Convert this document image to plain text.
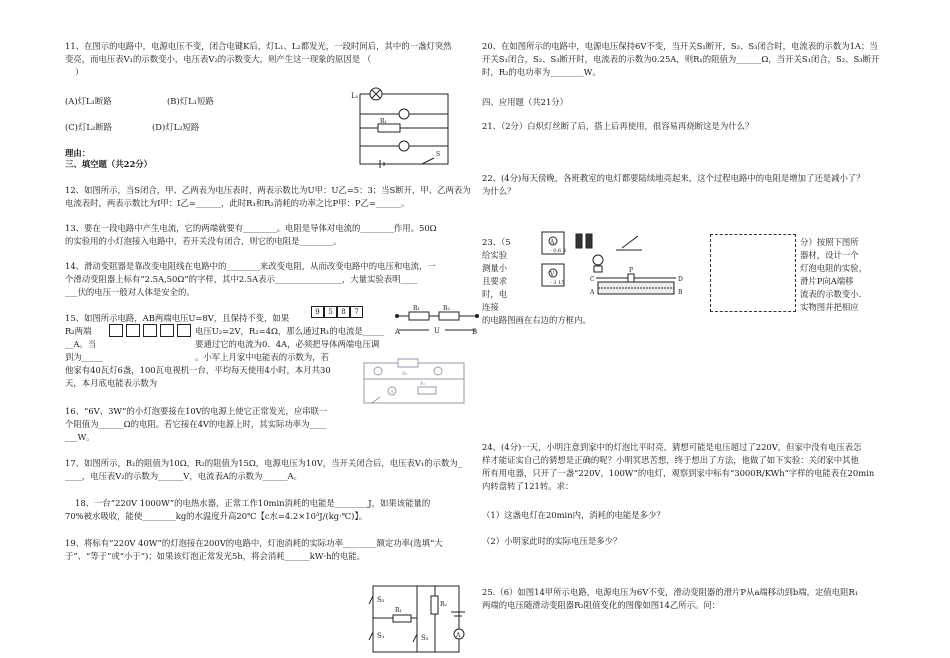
11、在图示的电路中，电源电压不变，闭合电键K后，灯L₁、L₂都发光，一段时间后，其中的一盏灯突然
变亮，而电压表V₁的示数变小，电压表V₂的示数变大，则产生这一现象的原因是 （
）
(A)灯L₁断路	(B)灯L₁短路
(C)灯L₂断路	(D)灯L₂短路
理由：
L₁
R₁
S
三、填空题（共22分）
12、如图所示，当S闭合，甲、乙两表为电压表时，两表示数比为U甲：U乙=5：3；当S断开，甲、乙两表为
电流表时，两表示数比为I甲：I乙=______，此时R₁和R₂消耗的功率之比P甲：P乙=______。
13、要在一段电路中产生电流，它的两端就要有________。电阻是导体对电流的________作用。50Ω
的实验用的小灯泡接入电路中，若开关没有闭合，则它的电阻是________。
14、滑动变阻器是靠改变电阻线在电路中的________来改变电阻，从而改变电路中的电压和电流，一
个滑动变阻器上标有“2.5A,50Ω”的字样，其中2.5A表示________________，大量实验表明____
___伏的电压一般对人体是安全的。
15、如图所示电路，AB两端电压U=8V，且保持不变，如果
R₂两端	电压U₂=2V，R₂=4Ω，那么通过R₁的电流是_____
__A。当	要通过它的电流为0．4A，必须把导体两端电压调
到为_____	。小军上月家中电能表的示数为，若
他家有40瓦灯6盏，100瓦电视机一台，平均每天使用4小时，本月共30
天，本月底电能表示数为
9	5	8	7	R₁	R₂
A	U	B
R₁
R₂
A
16、“6V、3W”的小灯泡要接在10V的电源上使它正常发光，应串联一
个阻值为______Ω的电阻。若它接在4V的电源上时，其实际功率为____
___W。
17、如图所示，R₁的阻值为10Ω，R₂的阻值为15Ω，电源电压为10V，当开关闭合后，电压表V₁的示数为_
____，电压表V₂的示数为______V，电流表A的示数为______A。
18、一台“220V 1000W”的电热水器，正常工作10min消耗的电能是________J，如果该能量的
70%被水吸收，能使________kg的水温度升高20℃【c水=4.2×10³J/(kg·℃)】。
19、将标有“220V 40W”的灯泡接在200V的电路中，灯泡消耗的实际功率________额定功率(选填“大
于”、“等于”或“小于”)；如果该灯泡正常发光5h，将会消耗______kW·h的电能。
S₂
R₁
R₂
S₁	S₃	A
20、在如图所示的电路中，电源电压保持6V不变，当开关S₁断开，S₂、S₃闭合时，电流表的示数为1A；当
开关S₁闭合，S₂、S₃断开时，电流表的示数为0.25A，则R₁的阻值为______Ω，当开关S₁闭合，S₂、S₃断开
时，R₂的电功率为________W。
四、应用题（共21分）
21、（2分）白炽灯丝断了后，搭上后再使用，很容易再烧断这是为什么？
22、(4分)每天傍晚，各班教室的电灯都要陆续地亮起来，这个过程电路中的电阻是增加了还是减小了？
为什么？
23、（5
给实验
测量小
且要求
时，电
连接
的电路图画在右边的方框内。
- 0.6 3
A
- 3 15
V
C	D
A	B
P
分）按照下图所
器材，设计一个
灯泡电阻的实验，
滑片P向A端移
流表的示数变小．
实物图并把相应
24、(4分)一天，小明注意到家中的灯泡比平时亮，猜想可能是电压超过了220V，但家中没有电压表怎
样才能证实自己的猜想是正确的呢？小明冥思苦想，终于想出了方法，他做了如下实验：关闭家中其他
所有用电器，只开了一盏“220V，100W”的电灯，观察到家中标有“3000R/KWh”字样的电能表在20min
内转盘转了121转。求：
（1）这盏电灯在20min内，消耗的电能是多少？
（2）小明家此时的实际电压是多少？
25.（6）如图14甲所示电路，电源电压为6V不变，滑动变阻器的滑片P从a端移动到b端，定值电阻R₁
两端的电压随滑动变阻器R₂阻值变化的图像如图14乙所示。问：
